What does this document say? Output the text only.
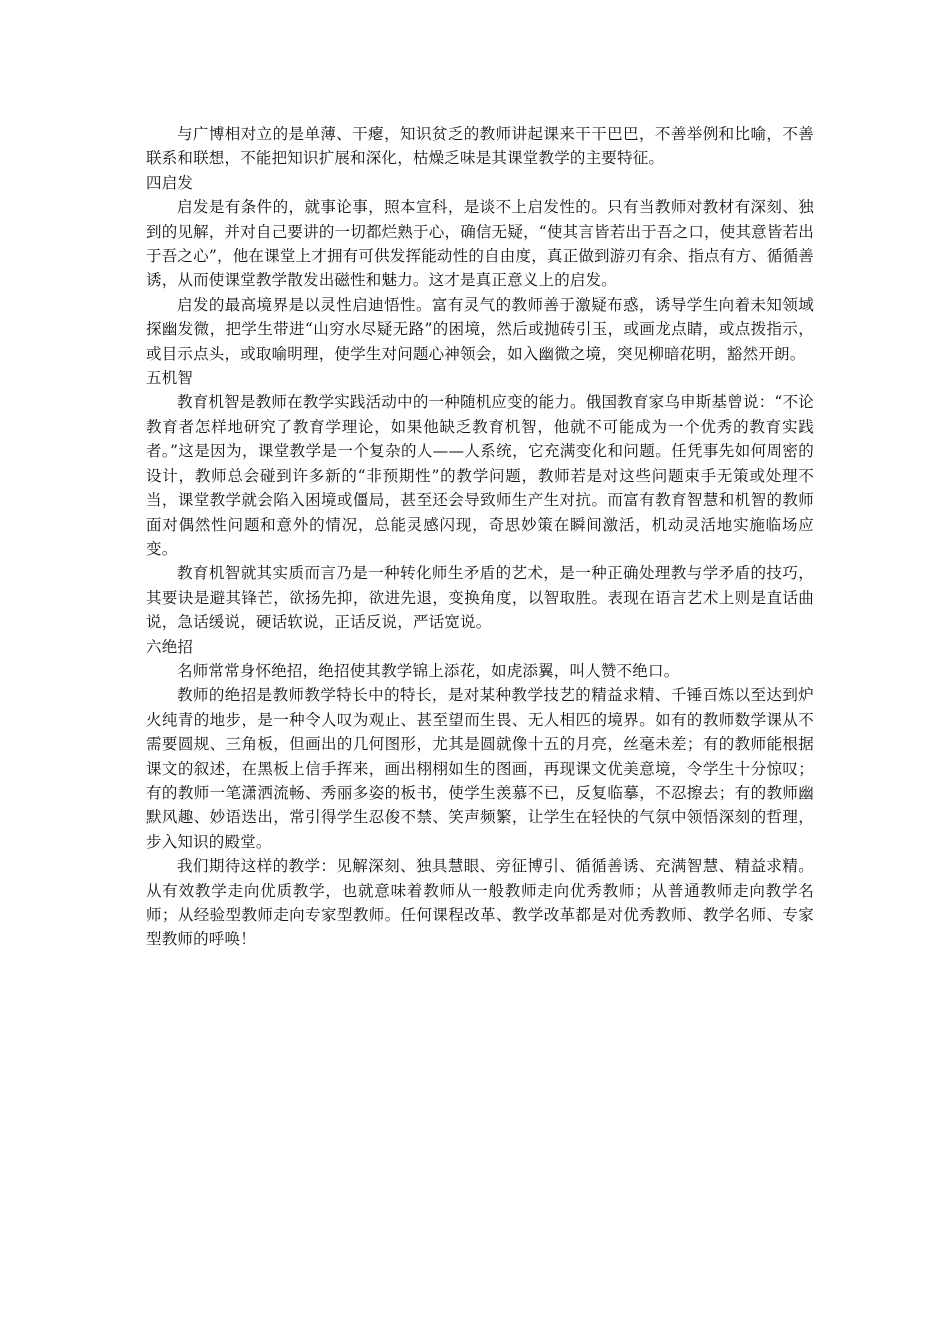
与广博相对立的是单薄、干瘪，知识贫乏的教师讲起课来干干巴巴，不善举例和比喻，不善联系和联想，不能把知识扩展和深化，枯燥乏味是其课堂教学的主要特征。

四启发

启发是有条件的，就事论事，照本宣科，是谈不上启发性的。只有当教师对教材有深刻、独到的见解，并对自己要讲的一切都烂熟于心，确信无疑，“使其言皆若出于吾之口，使其意皆若出于吾之心”，他在课堂上才拥有可供发挥能动性的自由度，真正做到游刃有余、指点有方、循循善诱，从而使课堂教学散发出磁性和魅力。这才是真正意义上的启发。

启发的最高境界是以灵性启迪悟性。富有灵气的教师善于激疑布惑，诱导学生向着未知领域探幽发微，把学生带进“山穷水尽疑无路”的困境，然后或抛砖引玉，或画龙点睛，或点拨指示，或目示点头，或取喻明理，使学生对问题心神领会，如入幽微之境，突见柳暗花明，豁然开朗。

五机智

教育机智是教师在教学实践活动中的一种随机应变的能力。俄国教育家乌申斯基曾说：“不论教育者怎样地研究了教育学理论，如果他缺乏教育机智，他就不可能成为一个优秀的教育实践者。”这是因为，课堂教学是一个复杂的人——人系统，它充满变化和问题。任凭事先如何周密的设计，教师总会碰到许多新的“非预期性”的教学问题，教师若是对这些问题束手无策或处理不当，课堂教学就会陷入困境或僵局，甚至还会导致师生产生对抗。而富有教育智慧和机智的教师面对偶然性问题和意外的情况，总能灵感闪现，奇思妙策在瞬间激活，机动灵活地实施临场应变。

教育机智就其实质而言乃是一种转化师生矛盾的艺术，是一种正确处理教与学矛盾的技巧，其要诀是避其锋芒，欲扬先抑，欲进先退，变换角度，以智取胜。表现在语言艺术上则是直话曲说，急话缓说，硬话软说，正话反说，严话宽说。

六绝招

名师常常身怀绝招，绝招使其教学锦上添花，如虎添翼，叫人赞不绝口。

教师的绝招是教师教学特长中的特长，是对某种教学技艺的精益求精、千锤百炼以至达到炉火纯青的地步，是一种令人叹为观止、甚至望而生畏、无人相匹的境界。如有的教师数学课从不需要圆规、三角板，但画出的几何图形，尤其是圆就像十五的月亮，丝毫未差；有的教师能根据课文的叙述，在黑板上信手挥来，画出栩栩如生的图画，再现课文优美意境，令学生十分惊叹；有的教师一笔潇洒流畅、秀丽多姿的板书，使学生羡慕不已，反复临摹，不忍擦去；有的教师幽默风趣、妙语迭出，常引得学生忍俊不禁、笑声频繁，让学生在轻快的气氛中领悟深刻的哲理，步入知识的殿堂。

我们期待这样的教学：见解深刻、独具慧眼、旁征博引、循循善诱、充满智慧、精益求精。从有效教学走向优质教学，也就意味着教师从一般教师走向优秀教师；从普通教师走向教学名师；从经验型教师走向专家型教师。任何课程改革、教学改革都是对优秀教师、教学名师、专家型教师的呼唤！
